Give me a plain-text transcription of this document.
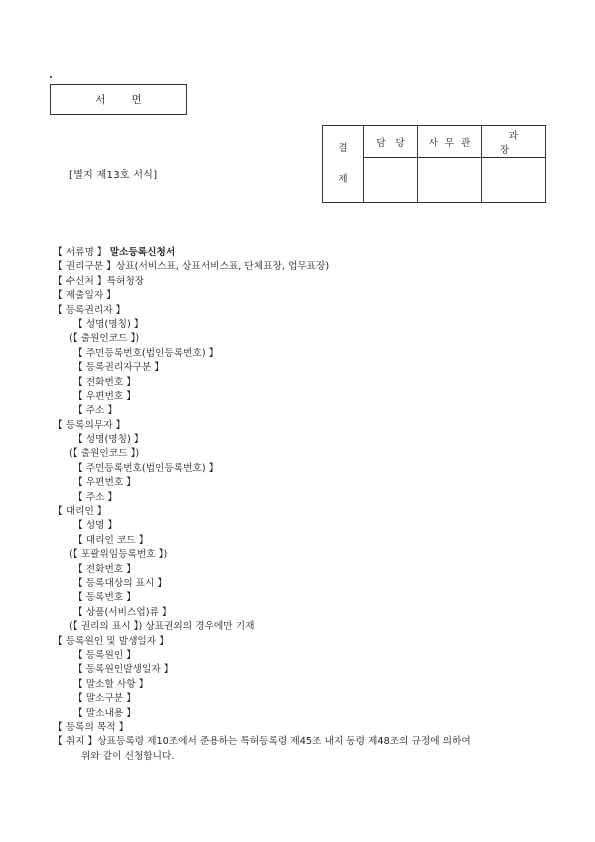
서면
[별지 제13호 서식]
결
제	담당	사무관	과장

【 서류명 】 말소등록신청서
【 권리구분 】상표(서비스표, 상표서비스표, 단체표장, 업무표장)
【 수신처 】특허청장
【 제출일자 】
【 등록권리자 】
【 성명(명칭) 】
(【 출원인코드 】)
【 주민등록번호(법인등록번호) 】
【 등록권리자구분 】
【 전화번호 】
【 우편번호 】
【 주소 】
【 등록의무자 】
【 성명(명칭) 】
(【 출원인코드 】)
【 주민등록번호(법인등록번호) 】
【 우편번호 】
【 주소 】
【 대리인 】
【 성명 】
【 대리인 코드 】
(【 포괄위임등록번호 】)
【 전화번호 】
【 등록대상의 표시 】
【 등록번호 】
【 상품(서비스업)류 】
(【 권리의 표시 】) 상표권외의 경우에만 기재
【 등록원인 및 발생일자 】
【 등록원인 】
【 등록원인발생일자 】
【 말소할 사항 】
【 말소구분 】
【 말소내용 】
【 등록의 목적 】
【 취지 】상표등록령 제10조에서 준용하는 특허등록령 제45조 내지 동령 제48조의 규정에 의하여
위와 같이 신청합니다.
